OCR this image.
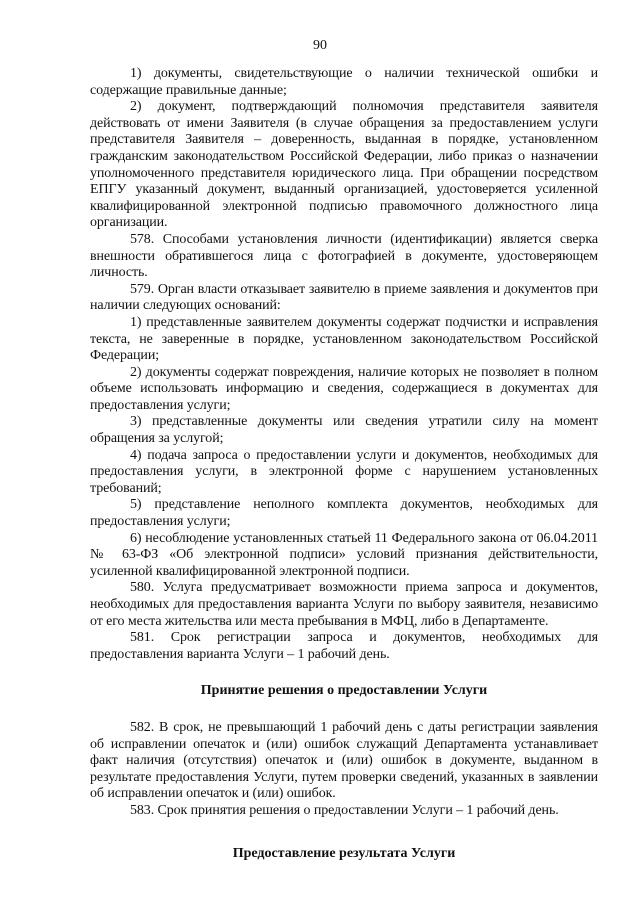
90

1) документы, свидетельствующие о наличии технической ошибки и содержащие правильные данные;

2) документ, подтверждающий полномочия представителя заявителя действовать от имени Заявителя (в случае обращения за предоставлением услуги представителя Заявителя – доверенность, выданная в порядке, установленном гражданским законодательством Российской Федерации, либо приказ о назначении уполномоченного представителя юридического лица. При обращении посредством ЕПГУ указанный документ, выданный организацией, удостоверяется усиленной квалифицированной электронной подписью правомочного должностного лица организации.

578. Способами установления личности (идентификации) является сверка внешности обратившегося лица с фотографией в документе, удостоверяющем личность.

579. Орган власти отказывает заявителю в приеме заявления и документов при наличии следующих оснований:

1) представленные заявителем документы содержат подчистки и исправления текста, не заверенные в порядке, установленном законодательством Российской Федерации;

2) документы содержат повреждения, наличие которых не позволяет в полном объеме использовать информацию и сведения, содержащиеся в документах для предоставления услуги;

3) представленные документы или сведения утратили силу на момент обращения за услугой;

4) подача запроса о предоставлении услуги и документов, необходимых для предоставления услуги, в электронной форме с нарушением установленных требований;

5) представление неполного комплекта документов, необходимых для предоставления услуги;

6) несоблюдение установленных статьей 11 Федерального закона от 06.04.2011 № 63-ФЗ «Об электронной подписи» условий признания действительности, усиленной квалифицированной электронной подписи.

580. Услуга предусматривает возможности приема запроса и документов, необходимых для предоставления варианта Услуги по выбору заявителя, независимо от его места жительства или места пребывания в МФЦ, либо в Департаменте.

581. Срок регистрации запроса и документов, необходимых для предоставления варианта Услуги – 1 рабочий день.

Принятие решения о предоставлении Услуги

582. В срок, не превышающий 1 рабочий день с даты регистрации заявления об исправлении опечаток и (или) ошибок служащий Департамента устанавливает факт наличия (отсутствия) опечаток и (или) ошибок в документе, выданном в результате предоставления Услуги, путем проверки сведений, указанных в заявлении об исправлении опечаток и (или) ошибок.

583. Срок принятия решения о предоставлении Услуги – 1 рабочий день.

Предоставление результата Услуги
